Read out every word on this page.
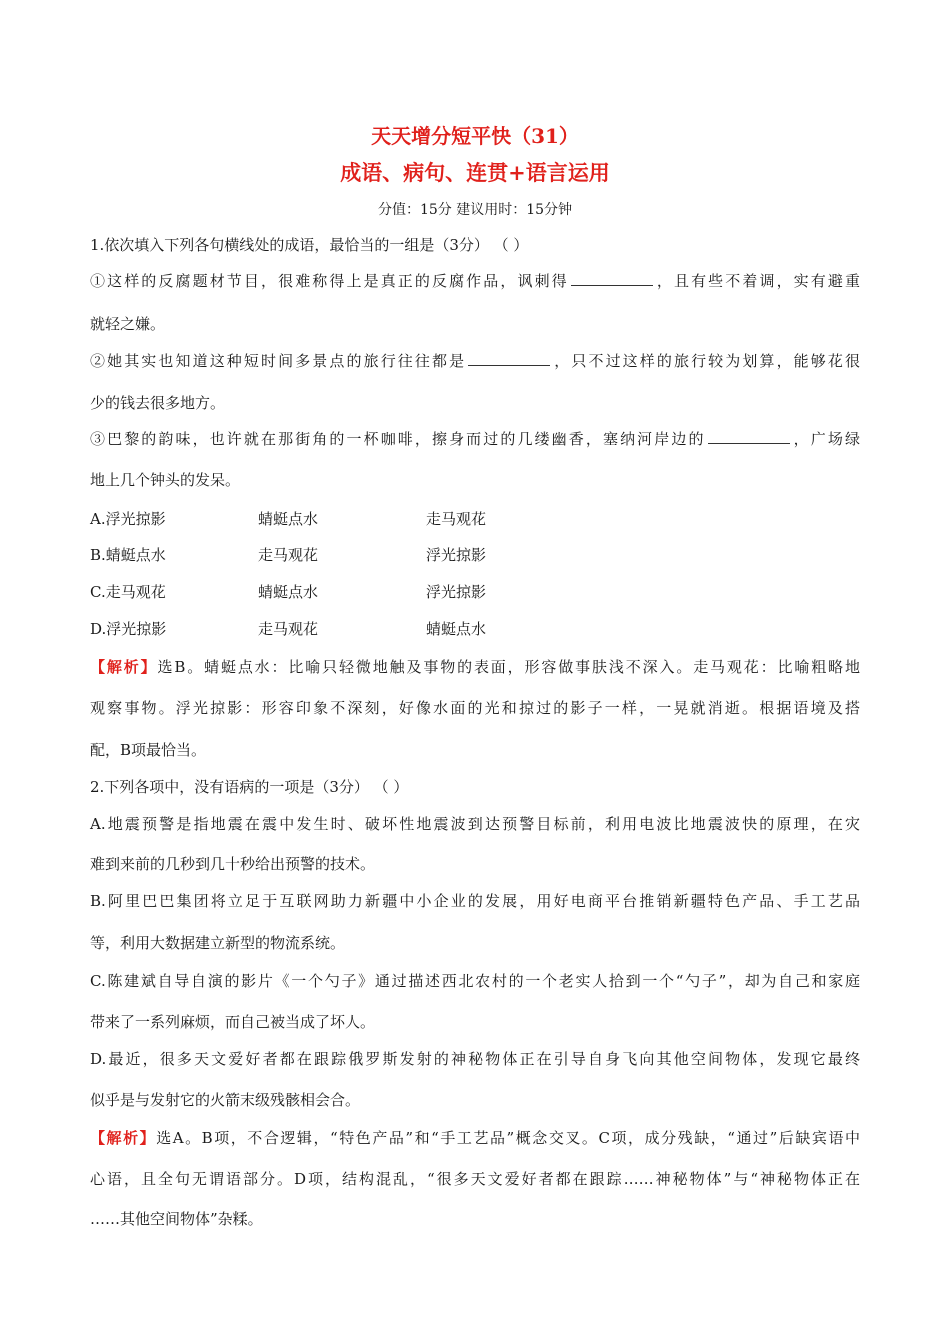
天天增分短平快（31）
成语、病句、连贯+语言运用
分值：15分 建议用时：15分钟
1.依次填入下列各句横线处的成语，最恰当的一组是（3分） （ ）
①这样的反腐题材节目，很难称得上是真正的反腐作品，讽刺得	，且有些不着调，实有避重
就轻之嫌。
②她其实也知道这种短时间多景点的旅行往往都是	，只不过这样的旅行较为划算，能够花很
少的钱去很多地方。
③巴黎的韵味，也许就在那街角的一杯咖啡，擦身而过的几缕幽香，塞纳河岸边的	，广场绿
地上几个钟头的发呆。
A.浮光掠影	蜻蜓点水	走马观花
B.蜻蜓点水	走马观花	浮光掠影
C.走马观花	蜻蜓点水	浮光掠影
D.浮光掠影	走马观花	蜻蜓点水
【解析】选B。蜻蜓点水：比喻只轻微地触及事物的表面，形容做事肤浅不深入。走马观花：比喻粗略地
观察事物。浮光掠影：形容印象不深刻，好像水面的光和掠过的影子一样，一晃就消逝。根据语境及搭
配，B项最恰当。
2.下列各项中，没有语病的一项是（3分） （ ）
A.地震预警是指地震在震中发生时、破坏性地震波到达预警目标前，利用电波比地震波快的原理，在灾
难到来前的几秒到几十秒给出预警的技术。
B.阿里巴巴集团将立足于互联网助力新疆中小企业的发展，用好电商平台推销新疆特色产品、手工艺品
等，利用大数据建立新型的物流系统。
C.陈建斌自导自演的影片《一个勺子》通过描述西北农村的一个老实人拾到一个“勺子”，却为自己和家庭
带来了一系列麻烦，而自己被当成了坏人。
D.最近，很多天文爱好者都在跟踪俄罗斯发射的神秘物体正在引导自身飞向其他空间物体，发现它最终
似乎是与发射它的火箭末级残骸相会合。
【解析】选A。B项，不合逻辑，“特色产品”和“手工艺品”概念交叉。C项，成分残缺，“通过”后缺宾语中
心语，且全句无谓语部分。D项，结构混乱，“很多天文爱好者都在跟踪……神秘物体”与“神秘物体正在
……其他空间物体”杂糅。
